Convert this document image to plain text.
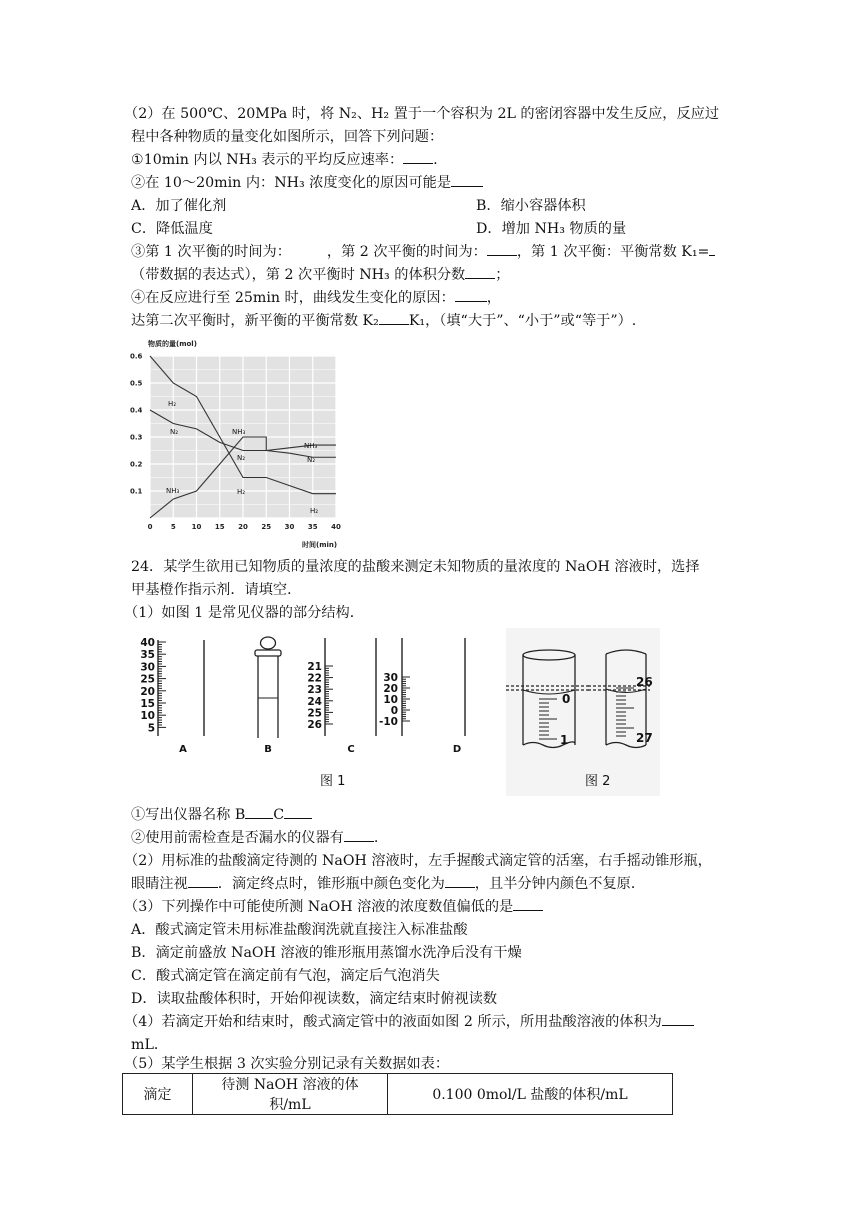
（2）在 500℃、20MPa 时，将 N₂、H₂ 置于一个容积为 2L 的密闭容器中发生反应，反应过
程中各种物质的量变化如图所示，回答下列问题：
①10min 内以 NH₃ 表示的平均反应速率： .
②在 10～20min 内：NH₃ 浓度变化的原因可能是
A．加了催化剂	B．缩小容器体积
C．降低温度	D．增加 NH₃ 物质的量
③第 1 次平衡的时间为：	，第 2 次平衡的时间为： ，第 1 次平衡：平衡常数 K₁=
（带数据的表达式），第 2 次平衡时 NH₃ 的体积分数 ；
④在反应进行至 25min 时，曲线发生变化的原因： ，
达第二次平衡时，新平衡的平衡常数 K₂ K₁，（填“大于”、“小于”或“等于”）.
物质的量(mol)
时间(min)
0.6
0.5
0.4
0.3
0.2
0.1
0	5 10 15 20 25 30 35 40
H₂
N₂
NH₃
NH₃
N₂
H₂
NH₃
N₂
H₂
24．某学生欲用已知物质的量浓度的盐酸来测定未知物质的量浓度的 NaOH 溶液时，选择
甲基橙作指示剂．请填空．
（1）如图 1 是常见仪器的部分结构．
40
35
30
25
20
15
10
5
21
22
23
24
25
26
30
20
10
0
-10
A	B	C	D
图 1
0
1
26
27
图 2
①写出仪器名称 B C
②使用前需检查是否漏水的仪器有 .
（2）用标准的盐酸滴定待测的 NaOH 溶液时，左手握酸式滴定管的活塞，右手摇动锥形瓶，
眼睛注视 ．滴定终点时，锥形瓶中颜色变化为 ，且半分钟内颜色不复原．
（3）下列操作中可能使所测 NaOH 溶液的浓度数值偏低的是
A．酸式滴定管未用标准盐酸润洗就直接注入标准盐酸
B．滴定前盛放 NaOH 溶液的锥形瓶用蒸馏水洗净后没有干燥
C．酸式滴定管在滴定前有气泡，滴定后气泡消失
D．读取盐酸体积时，开始仰视读数，滴定结束时俯视读数
（4）若滴定开始和结束时，酸式滴定管中的液面如图 2 所示，所用盐酸溶液的体积为
mL．
（5）某学生根据 3 次实验分别记录有关数据如表：
滴定	待测 NaOH 溶液的体积/mL	0.100 0mol/L 盐酸的体积/mL
